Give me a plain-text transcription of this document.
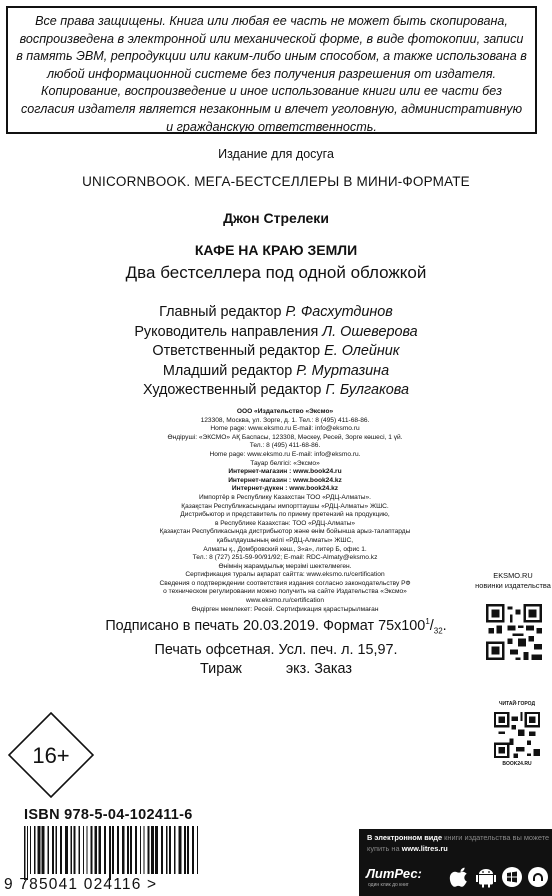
Все права защищены. Книга или любая ее часть не может быть скопирована, воспроизведена в электронной или механической форме, в виде фотокопии, записи в память ЭВМ, репродукции или каким-либо иным способом, а также использована в любой информационной системе без получения разрешения от издателя. Копирование, воспроизведение и иное использование книги или ее части без согласия издателя является незаконным и влечет уголовную, административную и гражданскую ответственность.
Издание для досуга
UNICORNBOOK. МЕГА-БЕСТСЕЛЛЕРЫ В МИНИ-ФОРМАТЕ
Джон Стрелеки
КАФЕ НА КРАЮ ЗЕМЛИ
Два бестселлера под одной обложкой
Главный редактор Р. Фасхутдинов
Руководитель направления Л. Ошеверова
Ответственный редактор Е. Олейник
Младший редактор Р. Муртазина
Художественный редактор Г. Булгакова
ООО «Издательство «Эксмо»
123308, Москва, ул. Зорге, д. 1. Тел.: 8 (495) 411-68-86.
Home page: www.eksmo.ru E-mail: info@eksmo.ru
Өндіруші: «ЭКСМО» АҚ Баспасы, 123308, Мәскеу, Ресей, Зорге көшесі, 1 үй.
Тел.: 8 (495) 411-68-86.
Home page: www.eksmo.ru E-mail: info@eksmo.ru.
Тауар белгісі: «Эксмо»
Интернет-магазин : www.book24.ru
Интернет-магазин : www.book24.kz
Интернет-дүкен : www.book24.kz
Импортёр в Республику Казахстан ТОО «РДЦ-Алматы».
Қазақстан Республикасындағы импорттаушы «РДЦ-Алматы» ЖШС.
Дистрибьютор и представитель по приему претензий на продукцию,
в Республике Казахстан: ТОО «РДЦ-Алматы»
Қазақстан Республикасында дистрибьютор және өнім бойынша арыз-талаптарды
қабылдаушының өкілі «РДЦ-Алматы» ЖШС,
Алматы қ., Домбровский көш., 3«а», литер Б, офис 1.
Тел.: 8 (727) 251-59-90/91/92; E-mail: RDC-Almaty@eksmo.kz
Өнімнің жарамдылық мерзімі шектелмеген.
Сертификация туралы ақпарат сайтта: www.eksmo.ru/certification
Сведения о подтверждении соответствия издания согласно законодательству РФ
о техническом регулировании можно получить на сайте Издательства «Эксмо»
www.eksmo.ru/certification
Өндірген мемлекет: Ресей. Сертификация қарастырылмаған
Подписано в печать 20.03.2019. Формат $75х100^1/_{32}$.
Печать офсетная. Усл. печ. л. 15,97.
Тираж	экз. Заказ
16+
EKSMO.RU
новинки издательства
ЧИТАЙ·ГОРОД
BOOK24.RU
ISBN 978-5-04-102411-6
9 785041 024116 >
В электронном виде книги издательства вы можете
купить на www.litres.ru
ЛитРес:
один клик до книг
